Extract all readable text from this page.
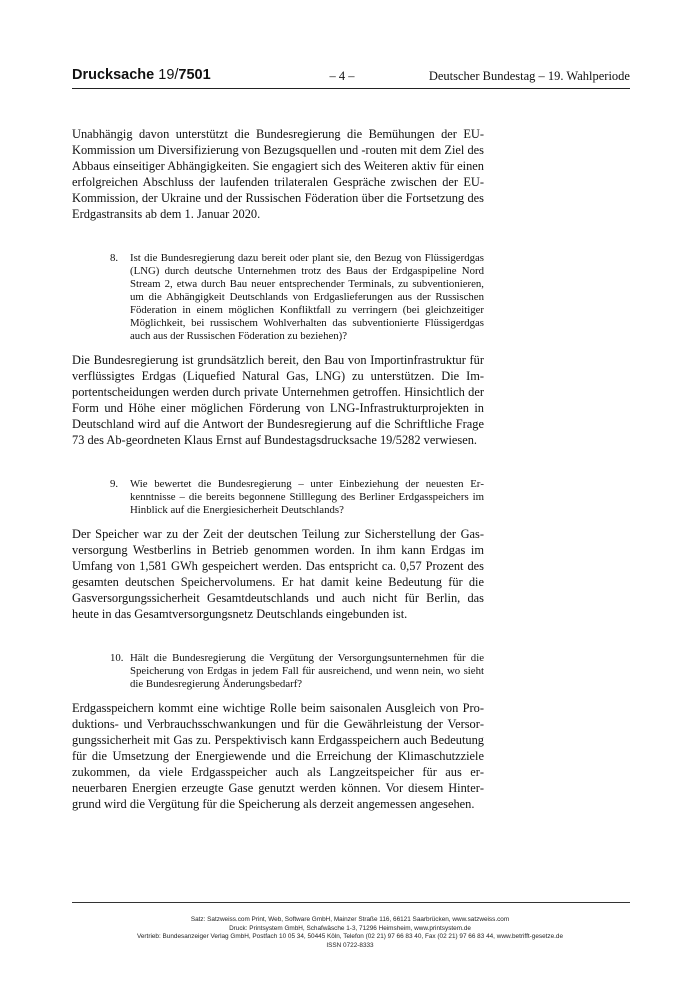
Drucksache 19/7501	– 4 –	Deutscher Bundestag – 19. Wahlperiode

Unabhängig davon unterstützt die Bundesregierung die Bemühungen der EU-Kommission um Diversifizierung von Bezugsquellen und -routen mit dem Ziel des Abbaus einseitiger Abhängigkeiten. Sie engagiert sich des Weiteren aktiv für einen erfolgreichen Abschluss der laufenden trilateralen Gespräche zwischen der EU-Kommission, der Ukraine und der Russischen Föderation über die Fortsetzung des Erdgastransits ab dem 1. Januar 2020.

8.	Ist die Bundesregierung dazu bereit oder plant sie, den Bezug von Flüssigerdgas (LNG) durch deutsche Unternehmen trotz des Baus der Erdgaspipeline Nord Stream 2, etwa durch Bau neuer entsprechender Terminals, zu subventionieren, um die Abhängigkeit Deutschlands von Erdgaslieferungen aus der Russischen Föderation in einem möglichen Konfliktfall zu verringern (bei gleichzeitiger Möglichkeit, bei russischem Wohlverhalten das subventionierte Flüssigerdgas auch aus der Russischen Föderation zu beziehen)?

Die Bundesregierung ist grundsätzlich bereit, den Bau von Importinfrastruktur für verflüssigtes Erdgas (Liquefied Natural Gas, LNG) zu unterstützen. Die Importentscheidungen werden durch private Unternehmen getroffen. Hinsichtlich der Form und Höhe einer möglichen Förderung von LNG-Infrastrukturprojekten in Deutschland wird auf die Antwort der Bundesregierung auf die Schriftliche Frage 73 des Ab-geordneten Klaus Ernst auf Bundestagsdrucksache 19/5282 verwiesen.

9.	Wie bewertet die Bundesregierung – unter Einbeziehung der neuesten Erkenntnisse – die bereits begonnene Stilllegung des Berliner Erdgasspeichers im Hinblick auf die Energiesicherheit Deutschlands?

Der Speicher war zu der Zeit der deutschen Teilung zur Sicherstellung der Gasversorgung Westberlins in Betrieb genommen worden. In ihm kann Erdgas im Umfang von 1,581 GWh gespeichert werden. Das entspricht ca. 0,57 Prozent des gesamten deutschen Speichervolumens. Er hat damit keine Bedeutung für die Gasversorgungssicherheit Gesamtdeutschlands und auch nicht für Berlin, das heute in das Gesamtversorgungsnetz Deutschlands eingebunden ist.

10. Hält die Bundesregierung die Vergütung der Versorgungsunternehmen für die Speicherung von Erdgas in jedem Fall für ausreichend, und wenn nein, wo sieht die Bundesregierung Änderungsbedarf?

Erdgasspeichern kommt eine wichtige Rolle beim saisonalen Ausgleich von Produktions- und Verbrauchsschwankungen und für die Gewährleistung der Versorgungssicherheit mit Gas zu. Perspektivisch kann Erdgasspeichern auch Bedeutung für die Umsetzung der Energiewende und die Erreichung der Klimaschutzziele zukommen, da viele Erdgasspeicher auch als Langzeitspeicher für aus erneuerbaren Energien erzeugte Gase genutzt werden können. Vor diesem Hintergrund wird die Vergütung für die Speicherung als derzeit angemessen angesehen.

Satz: Satzweiss.com Print, Web, Software GmbH, Mainzer Straße 116, 66121 Saarbrücken, www.satzweiss.com
Druck: Printsystem GmbH, Schafwäsche 1-3, 71296 Heimsheim, www.printsystem.de
Vertrieb: Bundesanzeiger Verlag GmbH, Postfach 10 05 34, 50445 Köln, Telefon (02 21) 97 66 83 40, Fax (02 21) 97 66 83 44, www.betrifft-gesetze.de
ISSN 0722-8333
